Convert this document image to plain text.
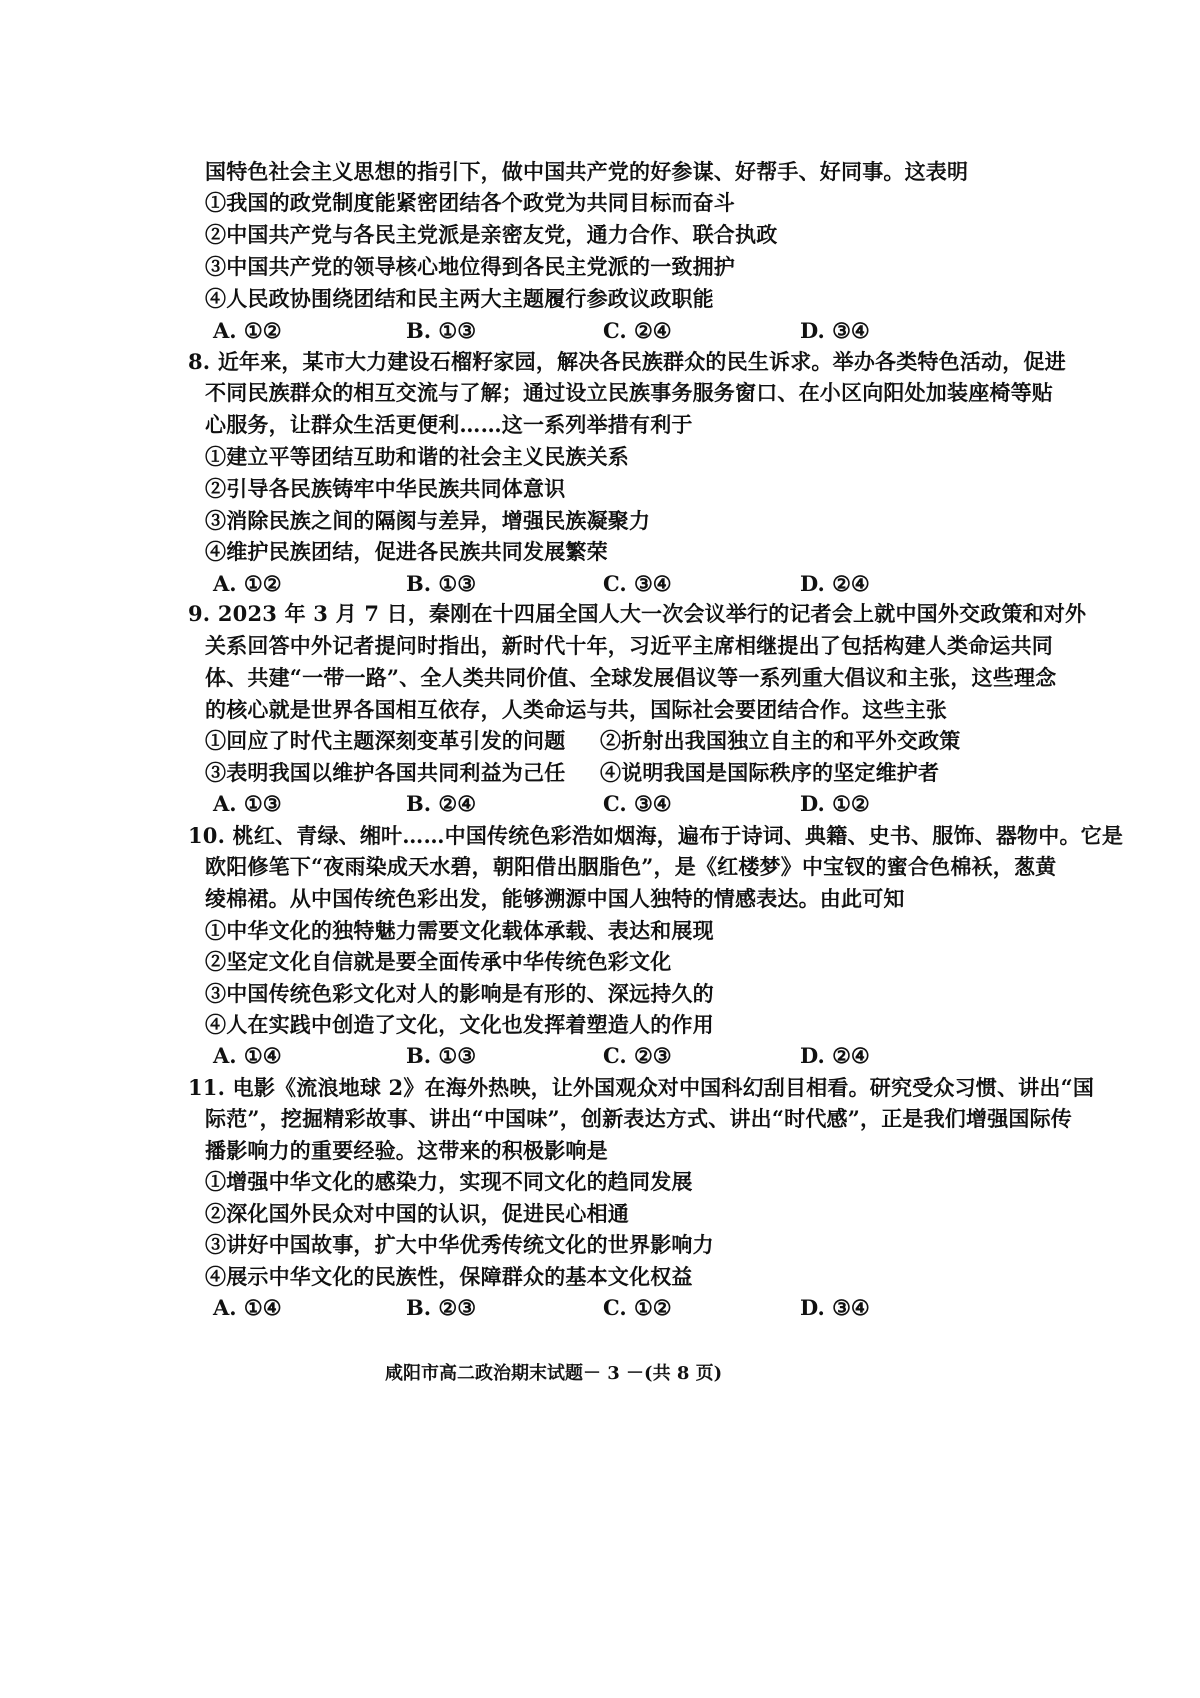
国特色社会主义思想的指引下，做中国共产党的好参谋、好帮手、好同事。这表明
①我国的政党制度能紧密团结各个政党为共同目标而奋斗
②中国共产党与各民主党派是亲密友党，通力合作、联合执政
③中国共产党的领导核心地位得到各民主党派的一致拥护
④人民政协围绕团结和民主两大主题履行参政议政职能
A. ①②	B. ①③	C. ②④	D. ③④
8. 近年来，某市大力建设石榴籽家园，解决各民族群众的民生诉求。举办各类特色活动，促进
不同民族群众的相互交流与了解；通过设立民族事务服务窗口、在小区向阳处加装座椅等贴
心服务，让群众生活更便利……这一系列举措有利于
①建立平等团结互助和谐的社会主义民族关系
②引导各民族铸牢中华民族共同体意识
③消除民族之间的隔阂与差异，增强民族凝聚力
④维护民族团结，促进各民族共同发展繁荣
A. ①②	B. ①③	C. ③④	D. ②④
9. 2023 年 3 月 7 日，秦刚在十四届全国人大一次会议举行的记者会上就中国外交政策和对外
关系回答中外记者提问时指出，新时代十年，习近平主席相继提出了包括构建人类命运共同
体、共建“一带一路”、全人类共同价值、全球发展倡议等一系列重大倡议和主张，这些理念
的核心就是世界各国相互依存，人类命运与共，国际社会要团结合作。这些主张
①回应了时代主题深刻变革引发的问题 ②折射出我国独立自主的和平外交政策
③表明我国以维护各国共同利益为己任 ④说明我国是国际秩序的坚定维护者
A. ①③	B. ②④	C. ③④	D. ①②
10. 桃红、青绿、缃叶……中国传统色彩浩如烟海，遍布于诗词、典籍、史书、服饰、器物中。它是
欧阳修笔下“夜雨染成天水碧，朝阳借出胭脂色”，是《红楼梦》中宝钗的蜜合色棉袄，葱黄
绫棉裙。从中国传统色彩出发，能够溯源中国人独特的情感表达。由此可知
①中华文化的独特魅力需要文化载体承载、表达和展现
②坚定文化自信就是要全面传承中华传统色彩文化
③中国传统色彩文化对人的影响是有形的、深远持久的
④人在实践中创造了文化，文化也发挥着塑造人的作用
A. ①④	B. ①③	C. ②③	D. ②④
11. 电影《流浪地球 2》在海外热映，让外国观众对中国科幻刮目相看。研究受众习惯、讲出“国
际范”，挖掘精彩故事、讲出“中国味”，创新表达方式、讲出“时代感”，正是我们增强国际传
播影响力的重要经验。这带来的积极影响是
①增强中华文化的感染力，实现不同文化的趋同发展
②深化国外民众对中国的认识，促进民心相通
③讲好中国故事，扩大中华优秀传统文化的世界影响力
④展示中华文化的民族性，保障群众的基本文化权益
A. ①④	B. ②③	C. ①②	D. ③④
咸阳市高二政治期末试题－ 3 －(共 8 页)
